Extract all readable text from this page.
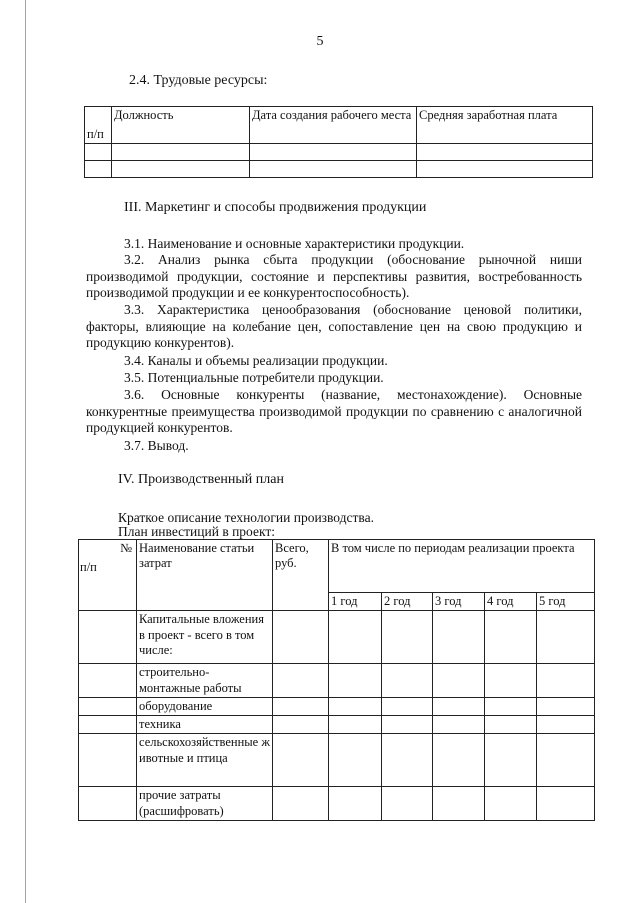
5
2.4. Трудовые ресурсы:
п/п	Должность	Дата создания рабочего места	Средняя заработная плата

III. Маркетинг и способы продвижения продукции

3.1. Наименование и основные характеристики продукции.

3.2. Анализ рынка сбыта продукции (обоснование рыночной ниши производимой продукции, состояние и перспективы развития, востребованность производимой продукции и ее конкурентоспособность).

3.3. Характеристика ценообразования (обоснование ценовой политики, факторы, влияющие на колебание цен, сопоставление цен на свою продукцию и продукцию конкурентов).

3.4. Каналы и объемы реализации продукции.

3.5. Потенциальные потребители продукции.

3.6. Основные конкуренты (название, местонахождение). Основные конкурентные преимущества производимой продукции по сравнению с аналогичной продукцией конкурентов.

3.7. Вывод.

IV. Производственный план
Краткое описание технологии производства.
План инвестиций в проект:
№
п/п	Наименование статьи затрат	Всего, руб.	В том числе по периодам реализации проекта				
			1 год	2 год	3 год	4 год	5 год
	Капитальные вложения в проект - всего в том числе:						
	строительно-монтажные работы						
	оборудование						
	техника						
	сельскохозяйственные животные и птица						
	прочие затраты (расшифровать)						
